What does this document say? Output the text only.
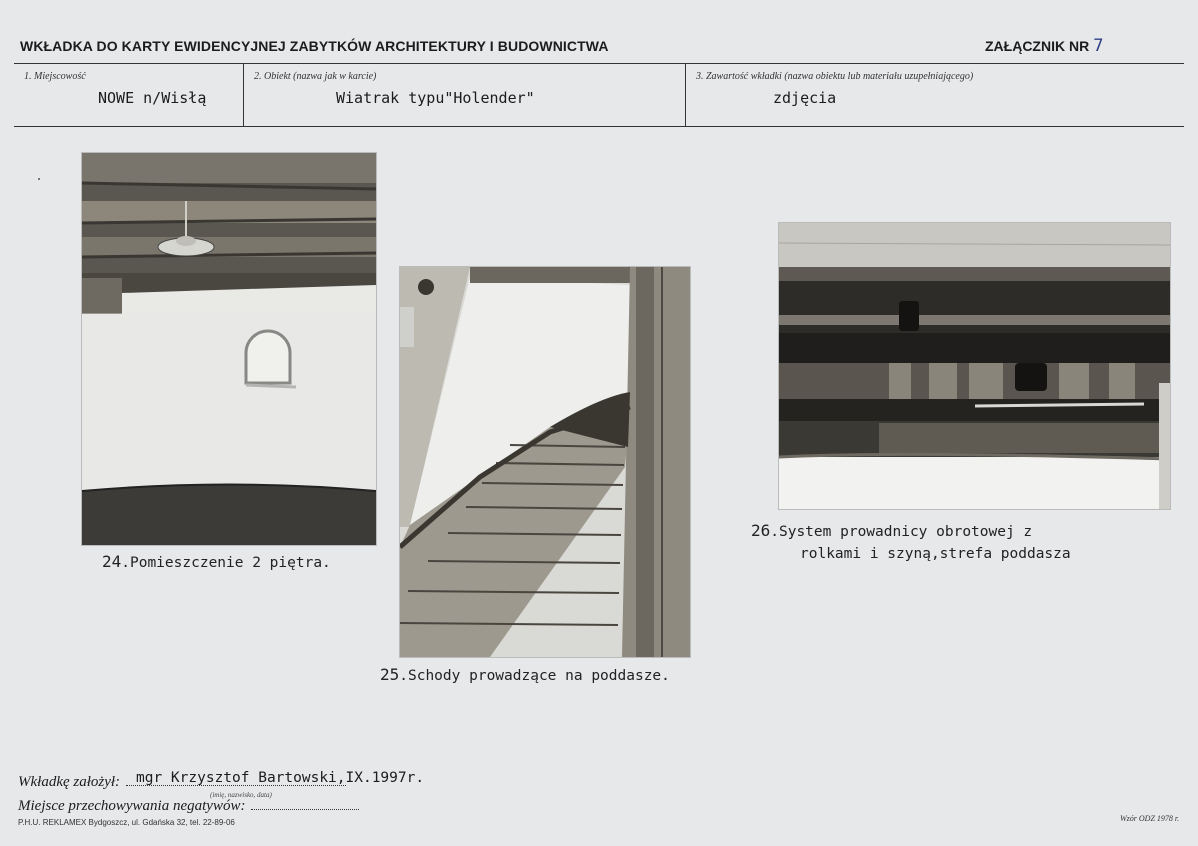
WKŁADKA DO KARTY EWIDENCYJNEJ ZABYTKÓW ARCHITEKTURY I BUDOWNICTWA	ZAŁĄCZNIK NR 7
1. Miejscowość
NOWE n/Wisłą
2. Obiekt (nazwa jak w karcie)
Wiatrak typu"Holender"
3. Zawartość wkładki (nazwa obiektu lub materiału uzupełniającego)
zdjęcia
24.Pomieszczenie 2 piętra.
25.Schody prowadzące na poddasze.
26.System prowadnicy obrotowej z
rolkami i szyną,strefa poddasza
Wkładkę założył: mgr Krzysztof Bartowski,IX.1997r.
(imię, nazwisko, data)
Miejsce przechowywania negatywów:
P.H.U. REKLAMEX Bydgoszcz, ul. Gdańska 32, tel. 22-89-06	Wzór ODZ 1978 r.
